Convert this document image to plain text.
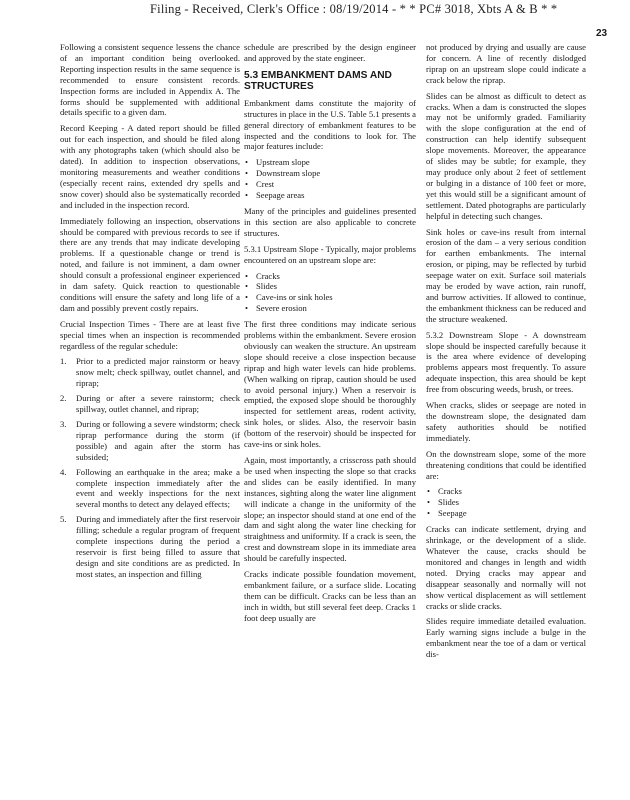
Filing - Received, Clerk's Office : 08/19/2014 - * * PC# 3018, Xbts A & B * *
23

Following a consistent sequence lessens the chance of an important condition being overlooked. Reporting inspection results in the same sequence is recommended to ensure consistent records. Inspection forms are included in Appendix A. The forms should be supplemented with additional details specific to a given dam.

Record Keeping - A dated report should be filled out for each inspection, and should be filed along with any photographs taken (which should also be dated). In addition to inspection observations, monitoring measurements and weather conditions (especially recent rains, extended dry spells and snow cover) should also be systematically recorded and included in the inspection record.

Immediately following an inspection, observations should be compared with previous records to see if there are any trends that may indicate developing problems. If a questionable change or trend is noted, and failure is not imminent, a dam owner should consult a professional engineer experienced in dam safety. Quick reaction to questionable conditions will ensure the safety and long life of a dam and possibly prevent costly repairs.

Crucial Inspection Times - There are at least five special times when an inspection is recommended regardless of the regular schedule:

1. Prior to a predicted major rainstorm or heavy snow melt; check spillway, outlet channel, and riprap;
2. During or after a severe rainstorm; check spillway, outlet channel, and riprap;
3. During or following a severe windstorm; check riprap performance during the storm (if possible) and again after the storm has subsided;
4. Following an earthquake in the area; make a complete inspection immediately after the event and weekly inspections for the next several months to detect any delayed effects;
5. During and immediately after the first reservoir filling; schedule a regular program of frequent complete inspections during the period a reservoir is first being filled to assure that design and site conditions are as predicted. In most states, an inspection and filling

schedule are prescribed by the design engineer and approved by the state engineer.

5.3 EMBANKMENT DAMS AND STRUCTURES

Embankment dams constitute the majority of structures in place in the U.S. Table 5.1 presents a general directory of embankment features to be inspected and the conditions to look for. The major features include:

• Upstream slope
• Downstream slope
• Crest
• Seepage areas

Many of the principles and guidelines presented in this section are also applicable to concrete structures.

5.3.1 Upstream Slope - Typically, major problems encountered on an upstream slope are:

• Cracks
• Slides
• Cave-ins or sink holes
• Severe erosion

The first three conditions may indicate serious problems within the embankment. Severe erosion obviously can weaken the structure. An upstream slope should receive a close inspection because riprap and high water levels can hide problems. (When walking on riprap, caution should be used to avoid personal injury.) When a reservoir is emptied, the exposed slope should be thoroughly inspected for settlement areas, rodent activity, sink holes, or slides. Also, the reservoir basin (bottom of the reservoir) should be inspected for cave-ins or sink holes.

Again, most importantly, a crisscross path should be used when inspecting the slope so that cracks and slides can be easily identified. In many instances, sighting along the water line alignment will indicate a change in the uniformity of the slope; an inspector should stand at one end of the dam and sight along the water line checking for straightness and uniformity. If a crack is seen, the crest and downstream slope in its immediate area should be carefully inspected.

Cracks indicate possible foundation movement, embankment failure, or a surface slide. Locating them can be difficult. Cracks can be less than an inch in width, but still several feet deep. Cracks 1 foot deep usually are

not produced by drying and usually are cause for concern. A line of recently dislodged riprap on an upstream slope could indicate a crack below the riprap.

Slides can be almost as difficult to detect as cracks. When a dam is constructed the slopes may not be uniformly graded. Familiarity with the slope configuration at the end of construction can help identify subsequent slope movements. Moreover, the appearance of slides may be subtle; for example, they may produce only about 2 feet of settlement or bulging in a distance of 100 feet or more, yet this would still be a significant amount of settlement. Dated photographs are particularly helpful in detecting such changes.

Sink holes or cave-ins result from internal erosion of the dam – a very serious condition for earthen embankments. The internal erosion, or piping, may be reflected by turbid seepage water on exit. Surface soil materials may be eroded by wave action, rain runoff, and burrow activities. If allowed to continue, the embankment thickness can be reduced and the structure weakened.

5.3.2 Downstream Slope - A downstream slope should be inspected carefully because it is the area where evidence of developing problems appears most frequently. To assure adequate inspection, this area should be kept free from obscuring weeds, brush, or trees.

When cracks, slides or seepage are noted in the downstream slope, the designated dam safety authorities should be notified immediately.

On the downstream slope, some of the more threatening conditions that could be identified are:

• Cracks
• Slides
• Seepage

Cracks can indicate settlement, drying and shrinkage, or the development of a slide. Whatever the cause, cracks should be monitored and changes in length and width noted. Drying cracks may appear and disappear seasonally and normally will not show vertical displacement as will settlement cracks or slide cracks.

Slides require immediate detailed evaluation. Early warning signs include a bulge in the embankment near the toe of a dam or vertical dis-
